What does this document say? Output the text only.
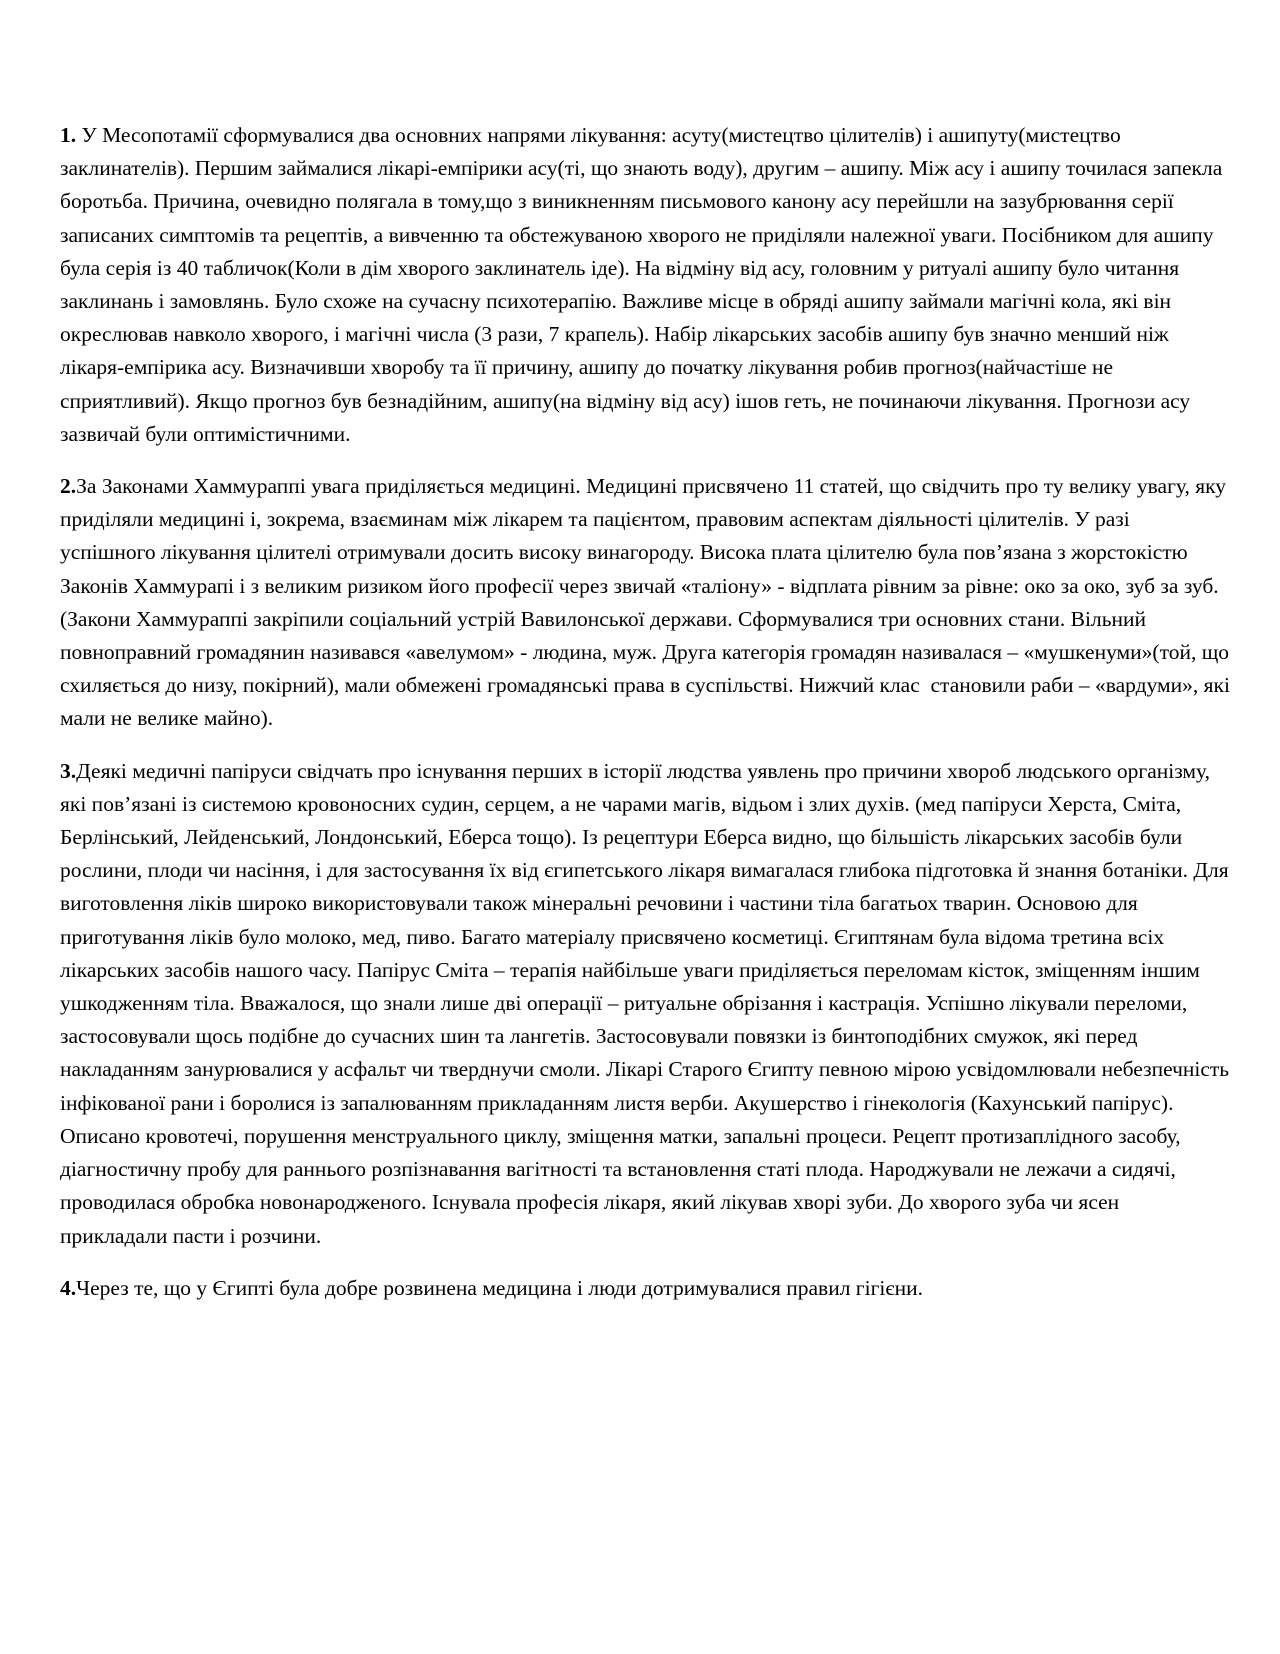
1. У Месопотамії сформувалися два основних напрями лікування: асуту(мистецтво цілителів) і ашипуту(мистецтво заклинателів). Першим займалися лікарі-емпірики асу(ті, що знають воду), другим – ашипу. Між асу і ашипу точилася запекла боротьба. Причина, очевидно полягала в тому,що з виникненням письмового канону асу перейшли на зазубрювання серії записаних симптомів та рецептів, а вивченню та обстежуваною хворого не приділяли належної уваги. Посібником для ашипу була серія із 40 табличок(Коли в дім хворого заклинатель іде). На відміну від асу, головним у ритуалі ашипу було читання заклинань і замовлянь. Було схоже на сучасну психотерапію. Важливе місце в обряді ашипу займали магічні кола, які він окреслював навколо хворого, і магічні числа (3 рази, 7 крапель). Набір лікарських засобів ашипу був значно менший ніж лікаря-емпірика асу. Визначивши хворобу та її причину, ашипу до початку лікування робив прогноз(найчастіше не сприятливий). Якщо прогноз був безнадійним, ашипу(на відміну від асу) ішов геть, не починаючи лікування. Прогнози асу зазвичай були оптимістичними.

2.За Законами Хаммураппі увага приділяється медицині. Медицині присвячено 11 статей, що свідчить про ту велику увагу, яку приділяли медицині і, зокрема, взаєминам між лікарем та пацієнтом, правовим аспектам діяльності цілителів. У разі успішного лікування цілителі отримували досить високу винагороду. Висока плата цілителю була пов’язана з жорстокістю Законів Хаммурапі і з великим ризиком його професії через звичай «таліону» - відплата рівним за рівне: око за око, зуб за зуб. (Закони Хаммураппі закріпили соціальний устрій Вавилонської держави. Сформувалися три основних стани. Вільний повноправний громадянин називався «авелумом» - людина, муж. Друга категорія громадян називалася – «мушкенуми»(той, що схиляється до низу, покірний), мали обмежені громадянські права в суспільстві. Нижчий клас  становили раби – «вардуми», які мали не велике майно).

3.Деякі медичні папіруси свідчать про існування перших в історії людства уявлень про причини хвороб людського організму, які пов’язані із системою кровоносних судин, серцем, а не чарами магів, відьом і злих духів. (мед папіруси Херста, Сміта, Берлінський, Лейденський, Лондонський, Еберса тощо). Із рецептури Еберса видно, що більшість лікарських засобів були рослини, плоди чи насіння, і для застосування їх від єгипетського лікаря вимагалася глибока підготовка й знання ботаніки. Для виготовлення ліків широко використовували також мінеральні речовини і частини тіла багатьох тварин. Основою для приготування ліків було молоко, мед, пиво. Багато матеріалу присвячено косметиці. Єгиптянам була відома третина всіх лікарських засобів нашого часу. Папірус Сміта – терапія найбільше уваги приділяється переломам кісток, зміщенням іншим ушкодженням тіла. Вважалося, що знали лише дві операції – ритуальне обрізання і кастрація. Успішно лікували переломи, застосовували щось подібне до сучасних шин та лангетів. Застосовували повязки із бинтоподібних смужок, які перед накладанням занурювалися у асфальт чи тверднучи смоли. Лікарі Старого Єгипту певною мірою усвідомлювали небезпечність інфікованої рани і боролися із запалюванням прикладанням листя верби. Акушерство і гінекологія (Кахунський папірус). Описано кровотечі, порушення менструального циклу, зміщення матки, запальні процеси. Рецепт протизаплідного засобу, діагностичну пробу для раннього розпізнавання вагітності та встановлення статі плода. Народжували не лежачи а сидячі, проводилася обробка новонародженого. Існувала професія лікаря, який лікував хворі зуби. До хворого зуба чи ясен прикладали пасти і розчини.

4.Через те, що у Єгипті була добре розвинена медицина і люди дотримувалися правил гігієни.
